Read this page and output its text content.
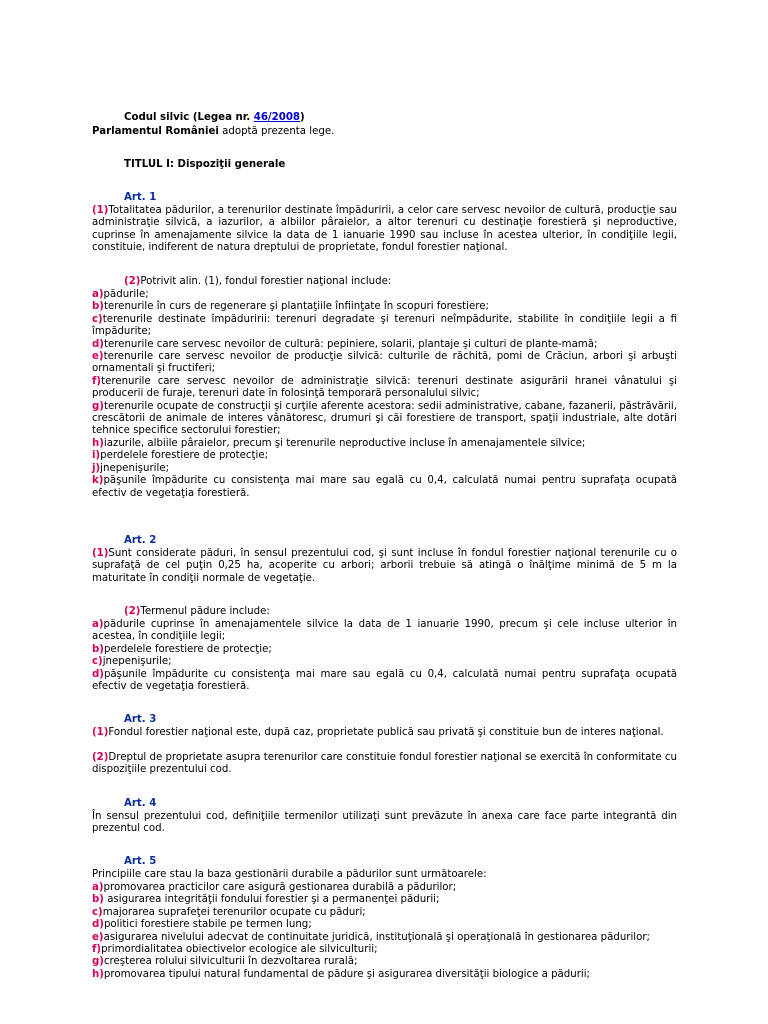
Codul silvic (Legea nr. 46/2008)
Parlamentul României adoptă prezenta lege.
TITLUL I: Dispoziţii generale
Art. 1
(1)Totalitatea pădurilor, a terenurilor destinate împăduririi, a celor care servesc nevoilor de cultură, producţie sau administraţie silvică, a iazurilor, a albiilor pâraielor, a altor terenuri cu destinaţie forestieră şi neproductive, cuprinse în amenajamente silvice la data de 1 ianuarie 1990 sau incluse în acestea ulterior, în condiţiile legii, constituie, indiferent de natura dreptului de proprietate, fondul forestier naţional.
(2)Potrivit alin. (1), fondul forestier naţional include:
a)pădurile;
b)terenurile în curs de regenerare şi plantaţiile înfiinţate în scopuri forestiere;
c)terenurile destinate împăduririi: terenuri degradate şi terenuri neîmpădurite, stabilite în condiţiile legii a fi împădurite;
d)terenurile care servesc nevoilor de cultură: pepiniere, solarii, plantaje şi culturi de plante-mamă;
e)terenurile care servesc nevoilor de producţie silvică: culturile de răchită, pomi de Crăciun, arbori şi arbuşti ornamentali şi fructiferi;
f)terenurile care servesc nevoilor de administraţie silvică: terenuri destinate asigurării hranei vânatului şi producerii de furaje, terenuri date în folosinţă temporară personalului silvic;
g)terenurile ocupate de construcţii şi curţile aferente acestora: sedii administrative, cabane, fazanerii, păstrăvării, crescătorii de animale de interes vânătoresc, drumuri şi căi forestiere de transport, spaţii industriale, alte dotări tehnice specifice sectorului forestier;
h)iazurile, albiile pâraielor, precum şi terenurile neproductive incluse în amenajamentele silvice;
i)perdelele forestiere de protecţie;
j)jnepenişurile;
k)păşunile împădurite cu consistenţa mai mare sau egală cu 0,4, calculată numai pentru suprafaţa ocupată efectiv de vegetaţia forestieră.
Art. 2
(1)Sunt considerate păduri, în sensul prezentului cod, şi sunt incluse în fondul forestier naţional terenurile cu o suprafaţă de cel puţin 0,25 ha, acoperite cu arbori; arborii trebuie să atingă o înălţime minimă de 5 m la maturitate în condiţii normale de vegetaţie.
(2)Termenul pădure include:
a)pădurile cuprinse în amenajamentele silvice la data de 1 ianuarie 1990, precum şi cele incluse ulterior în acestea, în condiţiile legii;
b)perdelele forestiere de protecţie;
c)jnepenişurile;
d)păşunile împădurite cu consistenţa mai mare sau egală cu 0,4, calculată numai pentru suprafaţa ocupată efectiv de vegetaţia forestieră.
Art. 3
(1)Fondul forestier naţional este, după caz, proprietate publică sau privată şi constituie bun de interes naţional.
(2)Dreptul de proprietate asupra terenurilor care constituie fondul forestier naţional se exercită în conformitate cu dispoziţiile prezentului cod.
Art. 4
În sensul prezentului cod, definiţiile termenilor utilizaţi sunt prevăzute în anexa care face parte integrantă din prezentul cod.
Art. 5
Principiile care stau la baza gestionării durabile a pădurilor sunt următoarele:
a)promovarea practicilor care asigură gestionarea durabilă a pădurilor;
b) asigurarea integrităţii fondului forestier şi a permanenţei pădurii;
c)majorarea suprafeţei terenurilor ocupate cu păduri;
d)politici forestiere stabile pe termen lung;
e)asigurarea nivelului adecvat de continuitate juridică, instituţională şi operaţională în gestionarea pădurilor;
f)primordialitatea obiectivelor ecologice ale silviculturii;
g)creşterea rolului silviculturii în dezvoltarea rurală;
h)promovarea tipului natural fundamental de pădure şi asigurarea diversităţii biologice a pădurii;
